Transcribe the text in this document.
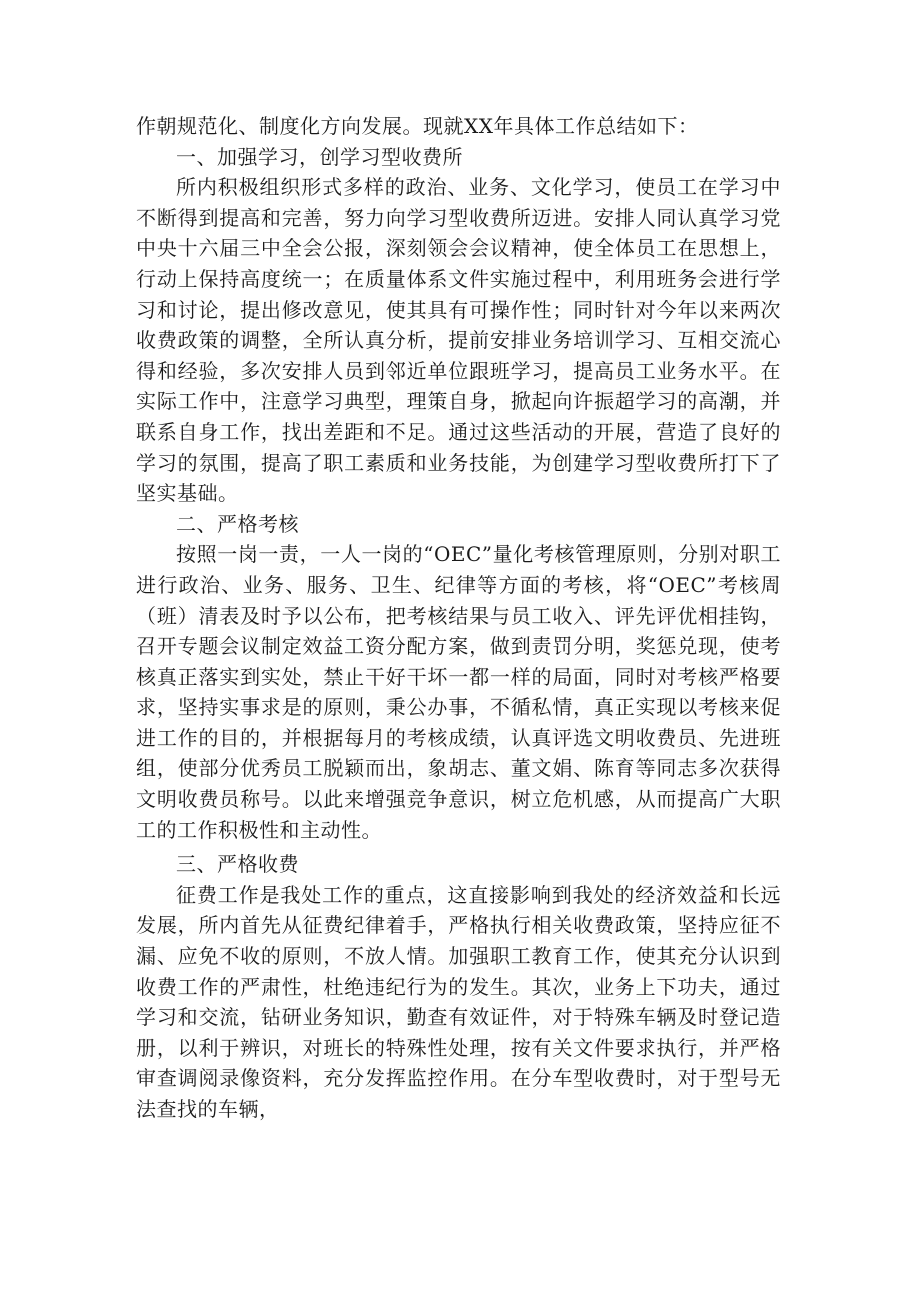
作朝规范化、制度化方向发展。现就XX年具体工作总结如下：

一、加强学习，创学习型收费所

所内积极组织形式多样的政治、业务、文化学习，使员工在学习中不断得到提高和完善，努力向学习型收费所迈进。安排人同认真学习党中央十六届三中全会公报，深刻领会会议精神，使全体员工在思想上，行动上保持高度统一；在质量体系文件实施过程中，利用班务会进行学习和讨论，提出修改意见，使其具有可操作性；同时针对今年以来两次收费政策的调整，全所认真分析，提前安排业务培训学习、互相交流心得和经验，多次安排人员到邻近单位跟班学习，提高员工业务水平。在实际工作中，注意学习典型，理策自身，掀起向许振超学习的高潮，并联系自身工作，找出差距和不足。通过这些活动的开展，营造了良好的学习的氛围，提高了职工素质和业务技能，为创建学习型收费所打下了坚实基础。

二、严格考核

按照一岗一责，一人一岗的“OEC”量化考核管理原则，分别对职工进行政治、业务、服务、卫生、纪律等方面的考核，将“OEC”考核周（班）清表及时予以公布，把考核结果与员工收入、评先评优相挂钩，召开专题会议制定效益工资分配方案，做到责罚分明，奖惩兑现，使考核真正落实到实处，禁止干好干坏一都一样的局面，同时对考核严格要求，坚持实事求是的原则，秉公办事，不循私情，真正实现以考核来促进工作的目的，并根据每月的考核成绩，认真评选文明收费员、先进班组，使部分优秀员工脱颖而出，象胡志、董文娟、陈育等同志多次获得文明收费员称号。以此来增强竞争意识，树立危机感，从而提高广大职工的工作积极性和主动性。

三、严格收费

征费工作是我处工作的重点，这直接影响到我处的经济效益和长远发展，所内首先从征费纪律着手，严格执行相关收费政策，坚持应征不漏、应免不收的原则，不放人情。加强职工教育工作，使其充分认识到收费工作的严肃性，杜绝违纪行为的发生。其次，业务上下功夫，通过学习和交流，钻研业务知识，勤查有效证件，对于特殊车辆及时登记造册，以利于辨识，对班长的特殊性处理，按有关文件要求执行，并严格审查调阅录像资料，充分发挥监控作用。在分车型收费时，对于型号无法查找的车辆，
